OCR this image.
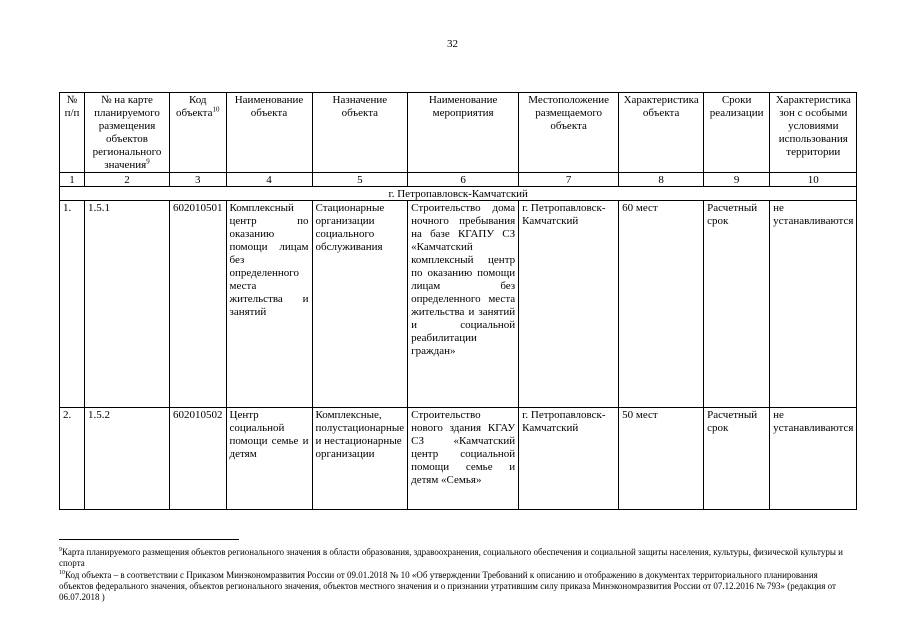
32
№ п/п	№ на карте планируемого размещения объектов регионального значения$^9$	Код объекта$^{10}$	Наименование объекта	Назначение объекта	Наименование мероприятия	Местоположение размещаемого объекта	Характеристика объекта	Сроки реализации	Характеристика зон с особыми условиями использования территории
1	2	3	4	5	6	7	8	9	10
г. Петропавловск-Камчатский									
1.	1.5.1	602010501	Комплексный центр по оказанию помощи лицам без определенного места жительства и занятий	Стационарные организации социального обслуживания	Строительство дома ночного пребывания на базе КГАПУ СЗ «Камчатский комплексный центр по оказанию помощи лицам без определенного места жительства и занятий и социальной реабилитации граждан»	г. Петропавловск-Камчатский	60 мест	Расчетный срок	не устанавливаются
2.	1.5.2	602010502	Центр социальной помощи семье и детям	Комплексные, полустационарные и нестационарные организации	Строительство нового здания КГАУ СЗ «Камчатский центр социальной помощи семье и детям «Семья»	г. Петропавловск-Камчатский	50 мест	Расчетный срок	не устанавливаются

$^9$Карта планируемого размещения объектов регионального значения в области образования, здравоохранения, социального обеспечения и социальной защиты населения, культуры, физической культуры и спорта

$^{10}$Код объекта – в соответствии с Приказом Минэкономразвития России от 09.01.2018 № 10 «Об утверждении Требований к описанию и отображению в документах территориального планирования объектов федерального значения, объектов регионального значения, объектов местного значения и о признании утратившим силу приказа Минэкономразвития России от 07.12.2016 № 793» (редакция от 06.07.2018 )
